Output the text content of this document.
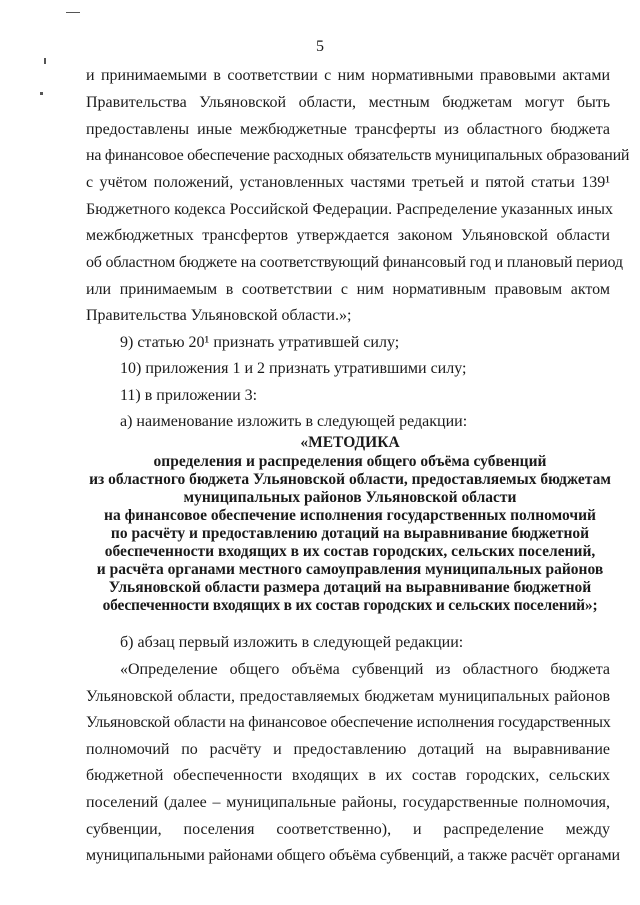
5
и принимаемыми в соответствии с ним нормативными правовыми актами
Правительства Ульяновской области, местным бюджетам могут быть
предоставлены иные межбюджетные трансферты из областного бюджета
на финансовое обеспечение расходных обязательств муниципальных образований
с учётом положений, установленных частями третьей и пятой статьи 139¹
Бюджетного кодекса Российской Федерации. Распределение указанных иных
межбюджетных трансфертов утверждается законом Ульяновской области
об областном бюджете на соответствующий финансовый год и плановый период
или принимаемым в соответствии с ним нормативным правовым актом
Правительства Ульяновской области.»;
9) статью 20¹ признать утратившей силу;
10) приложения 1 и 2 признать утратившими силу;
11) в приложении 3:
а) наименование изложить в следующей редакции:
«МЕТОДИКА
определения и распределения общего объёма субвенций
из областного бюджета Ульяновской области, предоставляемых бюджетам
муниципальных районов Ульяновской области
на финансовое обеспечение исполнения государственных полномочий
по расчёту и предоставлению дотаций на выравнивание бюджетной
обеспеченности входящих в их состав городских, сельских поселений,
и расчёта органами местного самоуправления муниципальных районов
Ульяновской области размера дотаций на выравнивание бюджетной
обеспеченности входящих в их состав городских и сельских поселений»;
б) абзац первый изложить в следующей редакции:
«Определение общего объёма субвенций из областного бюджета
Ульяновской области, предоставляемых бюджетам муниципальных районов
Ульяновской области на финансовое обеспечение исполнения государственных
полномочий по расчёту и предоставлению дотаций на выравнивание
бюджетной обеспеченности входящих в их состав городских, сельских
поселений (далее – муниципальные районы, государственные полномочия,
субвенции, поселения соответственно), и распределение между
муниципальными районами общего объёма субвенций, а также расчёт органами
